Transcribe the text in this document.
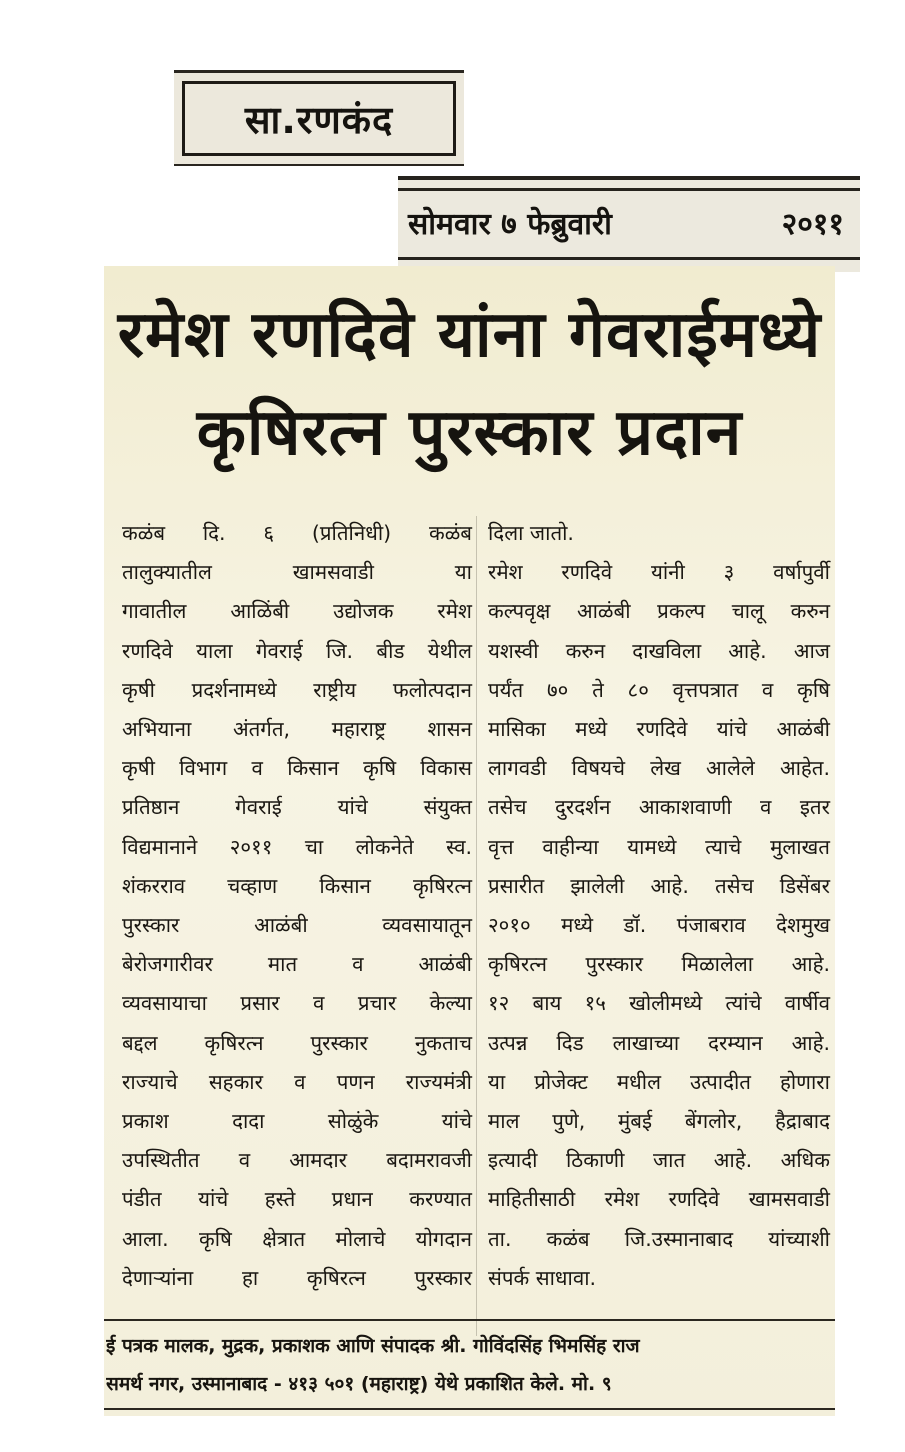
सा.रणकंद
सोमवार ७ फेब्रुवारी	२०११
रमेश रणदिवे यांना गेवराईमध्ये
कृषिरत्न पुरस्कार प्रदान
कळंब दि. ६ (प्रतिनिधी) कळंब
तालुक्यातील खामसवाडी या
गावातील आळिंबी उद्योजक रमेश
रणदिवे याला गेवराई जि. बीड येथील
कृषी प्रदर्शनामध्ये राष्ट्रीय फलोत्पदान
अभियाना अंतर्गत, महाराष्ट्र शासन
कृषी विभाग व किसान कृषि विकास
प्रतिष्ठान गेवराई यांचे संयुक्त
विद्यमानाने २०११ चा लोकनेते स्व.
शंकरराव चव्हाण किसान कृषिरत्न
पुरस्कार आळंबी व्यवसायातून
बेरोजगारीवर मात व आळंबी
व्यवसायाचा प्रसार व प्रचार केल्या
बद्दल कृषिरत्न पुरस्कार नुकताच
राज्याचे सहकार व पणन राज्यमंत्री
प्रकाश दादा सोळुंके यांचे
उपस्थितीत व आमदार बदामरावजी
पंडीत यांचे हस्ते प्रधान करण्यात
आला. कृषि क्षेत्रात मोलाचे योगदान
देणाऱ्यांना हा कृषिरत्न पुरस्कार
दिला जातो.
रमेश रणदिवे यांनी ३ वर्षापुर्वी
कल्पवृक्ष आळंबी प्रकल्प चालू करुन
यशस्वी करुन दाखविला आहे. आज
पर्यंत ७० ते ८० वृत्तपत्रात व कृषि
मासिका मध्ये रणदिवे यांचे आळंबी
लागवडी विषयचे लेख आलेले आहेत.
तसेच दुरदर्शन आकाशवाणी व इतर
वृत्त वाहीन्या यामध्ये त्याचे मुलाखत
प्रसारीत झालेली आहे. तसेच डिसेंबर
२०१० मध्ये डॉ. पंजाबराव देशमुख
कृषिरत्न पुरस्कार मिळालेला आहे.
१२ बाय १५ खोलीमध्ये त्यांचे वार्षीव
उत्पन्न दिड लाखाच्या दरम्यान आहे.
या प्रोजेक्ट मधील उत्पादीत होणारा
माल पुणे, मुंबई बेंगलोर, हैद्राबाद
इत्यादी ठिकाणी जात आहे. अधिक
माहितीसाठी रमेश रणदिवे खामसवाडी
ता. कळंब जि.उस्मानाबाद यांच्याशी
संपर्क साधावा.
ई पत्रक मालक, मुद्रक, प्रकाशक आणि संपादक श्री. गोविंदसिंह भिमसिंह राज
समर्थ नगर, उस्मानाबाद - ४१३ ५०१ (महाराष्ट्र) येथे प्रकाशित केले. मो. ९
